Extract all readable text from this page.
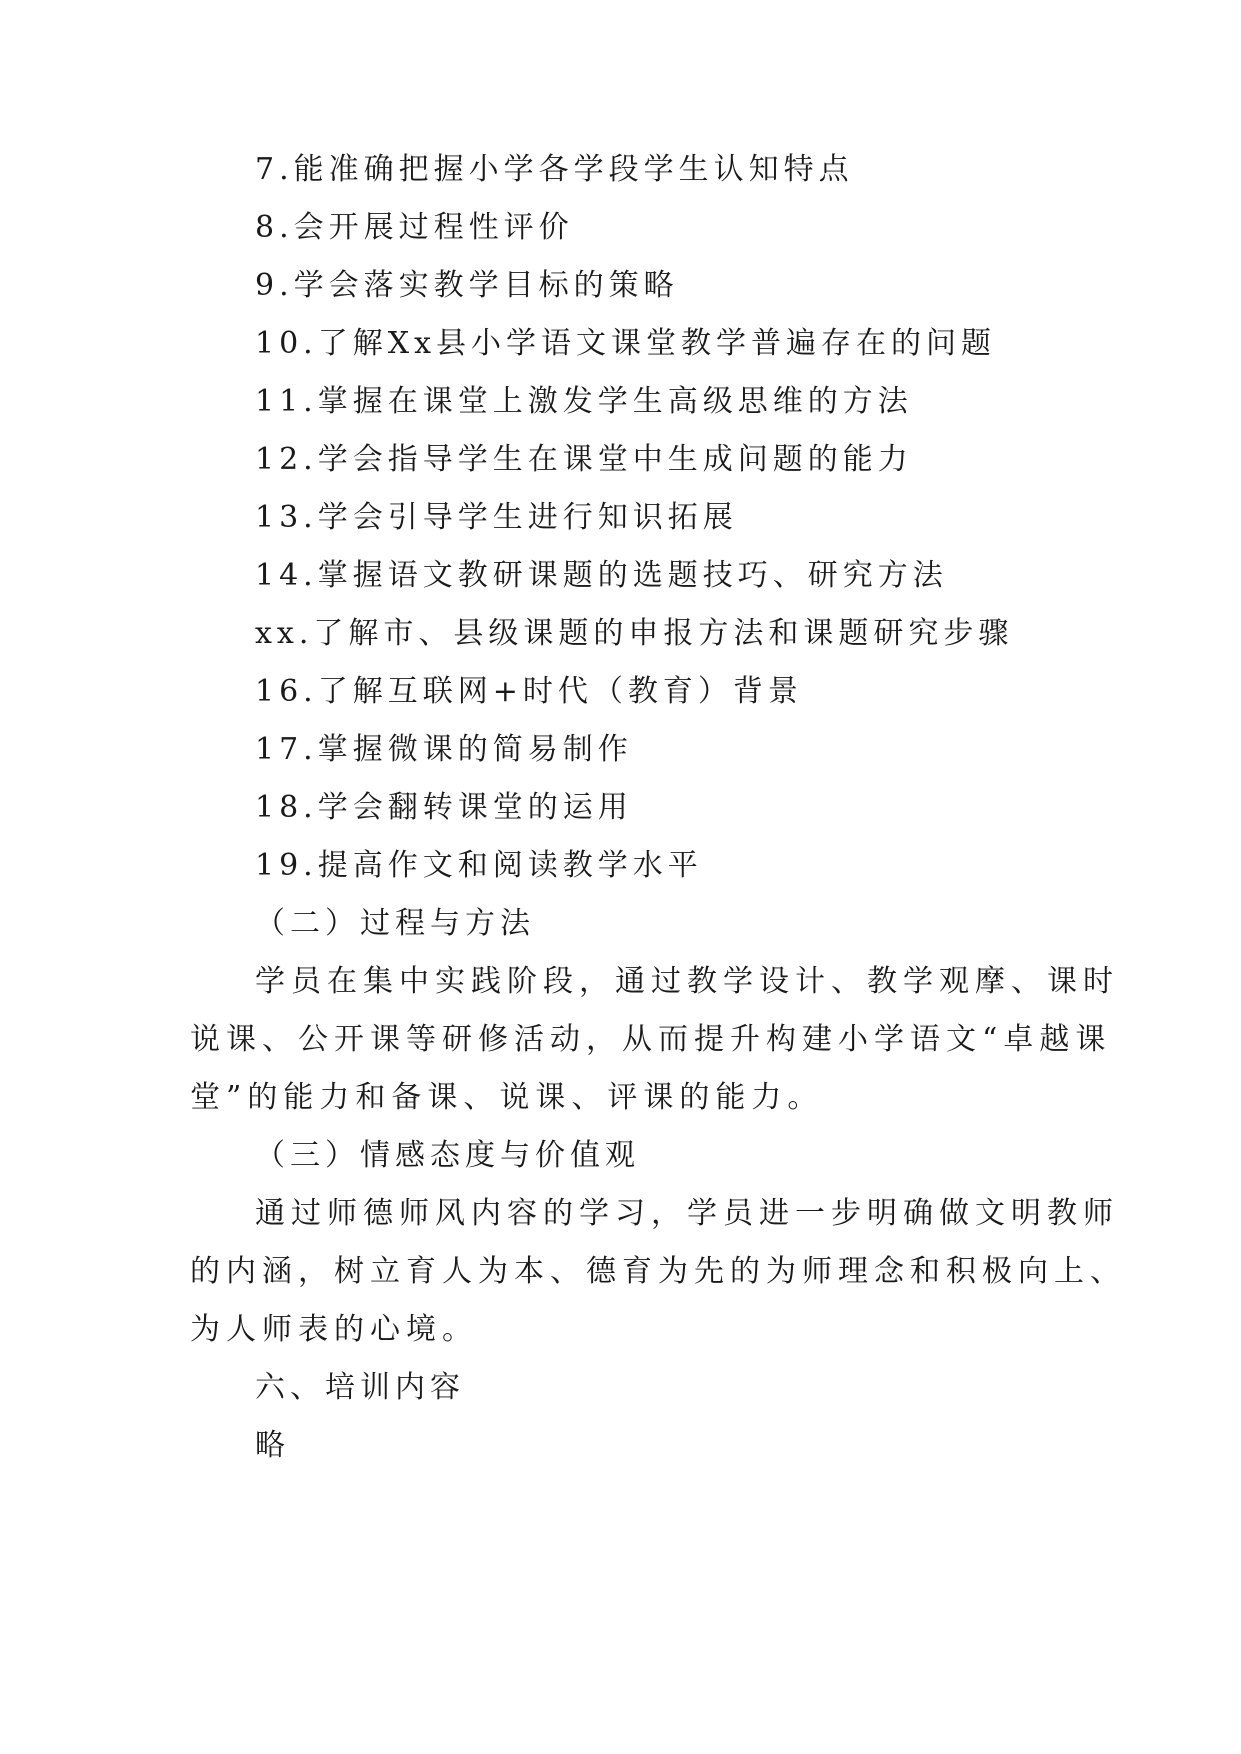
7.能准确把握小学各学段学生认知特点
8.会开展过程性评价
9.学会落实教学目标的策略
10.了解Xx县小学语文课堂教学普遍存在的问题
11.掌握在课堂上激发学生高级思维的方法
12.学会指导学生在课堂中生成问题的能力
13.学会引导学生进行知识拓展
14.掌握语文教研课题的选题技巧、研究方法
xx.了解市、县级课题的申报方法和课题研究步骤
16.了解互联网+时代（教育）背景
17.掌握微课的简易制作
18.学会翻转课堂的运用
19.提高作文和阅读教学水平
（二）过程与方法
学员在集中实践阶段，通过教学设计、教学观摩、课时
说课、公开课等研修活动，从而提升构建小学语文“卓越课
堂”的能力和备课、说课、评课的能力。
（三）情感态度与价值观
通过师德师风内容的学习，学员进一步明确做文明教师
的内涵，树立育人为本、德育为先的为师理念和积极向上、
为人师表的心境。
六、培训内容
略
